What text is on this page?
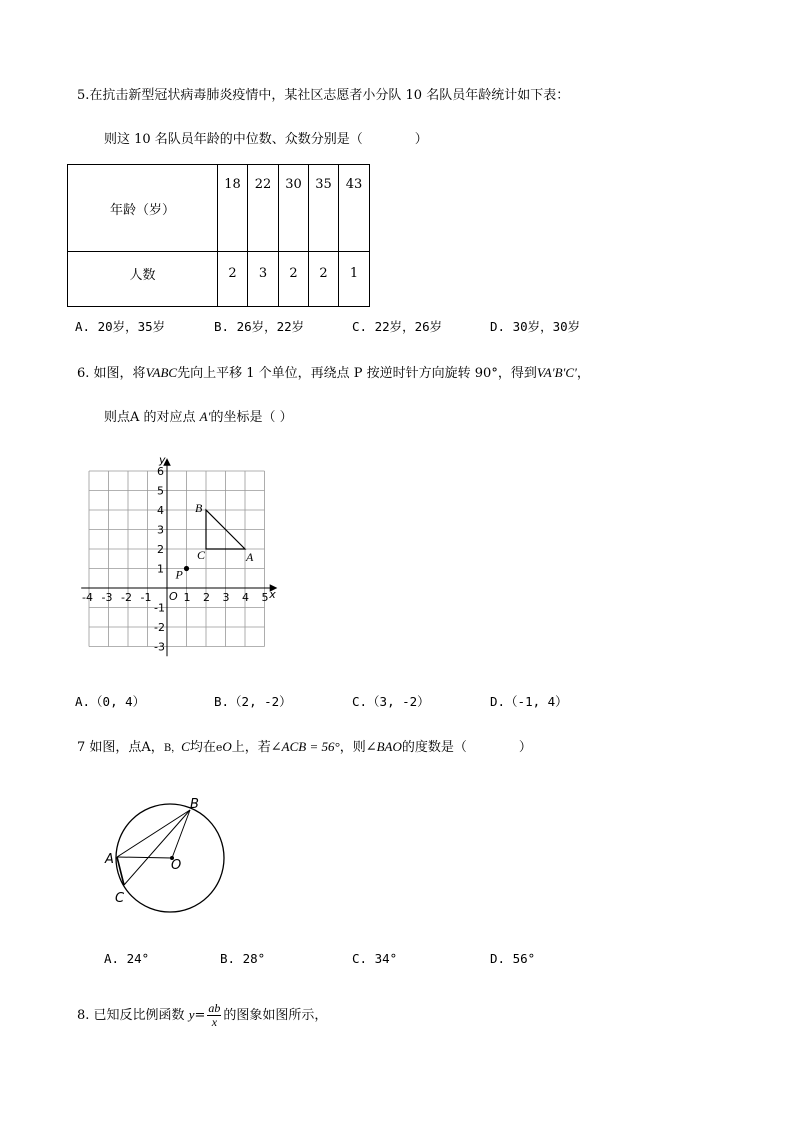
5.在抗击新型冠状病毒肺炎疫情中，某社区志愿者小分队 10 名队员年龄统计如下表：
则这 10 名队员年龄的中位数、众数分别是（　　　　）
年龄（岁）	18	22	30	35	43
人数	2	3	2	2	1
A. 20岁，35岁	B. 26岁，22岁	C. 22岁，26岁	D. 30岁，30岁
6. 如图，将VABC先向上平移 1 个单位，再绕点 P 按逆时针方向旋转 90°，得到VA′B′C′，
则点A 的对应点 A′的坐标是（ ）
-4 -3 -2 -1	1 2 3 4 5
6
5
4
3
2
1
-1
-2
-3
A
B
C
P
x
y
O
A.（0, 4）	B.（2, -2）	C.（3, -2）	D.（-1, 4）
7 如图，点A，B，C均在eO上，若∠ACB = 56°，则∠BAO的度数是（　　　　）
B
A	O
C
A. 24°	B. 28°	C. 34°	D. 56°
8. 已知反比例函数 $y= \frac{ab}{x}$ 的图象如图所示，
